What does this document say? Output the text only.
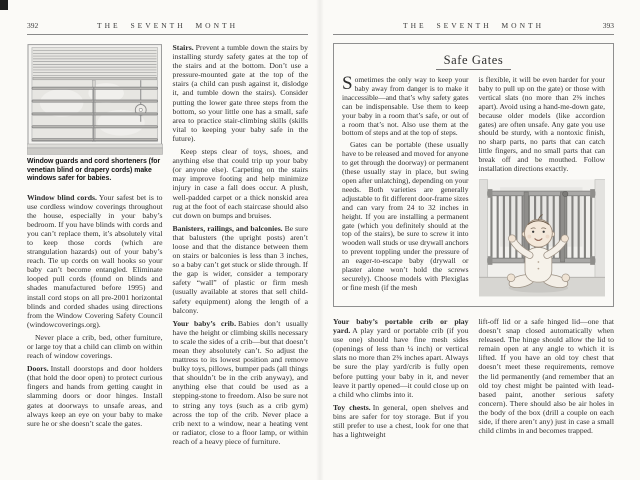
392	THE SEVENTH MONTH
Window guards and cord shorteners (for venetian blind or drapery cords) make windows safer for babies.

Window blind cords. Your safest bet is to use cordless window coverings throughout the house, especially in your baby’s bedroom. If you have blinds with cords and you can’t replace them, it’s absolutely vital to keep those cords (which are strangulation hazards) out of your baby’s reach. Tie up cords on wall hooks so your baby can’t become entangled. Eliminate looped pull cords (found on blinds and shades manufactured before 1995) and install cord stops on all pre-2001 horizontal blinds and corded shades using directions from the Window Covering Safety Council (windowcoverings.org).

Never place a crib, bed, other furniture, or large toy that a child can climb on within reach of window coverings.

Doors. Install doorstops and door holders (that hold the door open) to protect curious fingers and hands from getting caught in slamming doors or door hinges. Install gates at doorways to unsafe areas, and always keep an eye on your baby to make sure he or she doesn’t scale the gates.

Stairs. Prevent a tumble down the stairs by installing sturdy safety gates at the top of the stairs and at the bottom. Don’t use a pressure-mounted gate at the top of the stairs (a child can push against it, dislodge it, and tumble down the stairs). Consider putting the lower gate three steps from the bottom, so your little one has a small, safe area to practice stair-climbing skills (skills vital to keeping your baby safe in the future).

Keep steps clear of toys, shoes, and anything else that could trip up your baby (or anyone else). Carpeting on the stairs may improve footing and help minimize injury in case a fall does occur. A plush, well-padded carpet or a thick nonskid area rug at the foot of each staircase should also cut down on bumps and bruises.

Banisters, railings, and balconies. Be sure that balusters (the upright posts) aren’t loose and that the distance between them on stairs or balconies is less than 3 inches, so a baby can’t get stuck or slide through. If the gap is wider, consider a temporary safety “wall” of plastic or firm mesh (usually available at stores that sell child-safety equipment) along the length of a balcony.

Your baby’s crib. Babies don’t usually have the height or climbing skills necessary to scale the sides of a crib—but that doesn’t mean they absolutely can’t. So adjust the mattress to its lowest position and remove bulky toys, pillows, bumper pads (all things that shouldn’t be in the crib anyway), and anything else that could be used as a stepping-stone to freedom. Also be sure not to string any toys (such as a crib gym) across the top of the crib. Never place a crib next to a window, near a heating vent or radiator, close to a floor lamp, or within reach of a heavy piece of furniture.

THE SEVENTH MONTH	393
Safe Gates

Sometimes the only way to keep your baby away from danger is to make it inaccessible—and that’s why safety gates can be indispensable. Use them to keep your baby in a room that’s safe, or out of a room that’s not. Also use them at the bottom of steps and at the top of steps.

Gates can be portable (these usually have to be released and moved for anyone to get through the doorway) or permanent (these usually stay in place, but swing open after unlatching), depending on your needs. Both varieties are generally adjustable to fit different door-frame sizes and can vary from 24 to 32 inches in height. If you are installing a permanent gate (which you definitely should at the top of the stairs), be sure to screw it into wooden wall studs or use drywall anchors to prevent toppling under the pressure of an eager-to-escape baby (drywall or plaster alone won’t hold the screws securely). Choose models with Plexiglas or fine mesh (if the mesh

is flexible, it will be even harder for your baby to pull up on the gate) or those with vertical slats (no more than 2⅜ inches apart). Avoid using a hand-me-down gate, because older models (like accordion gates) are often unsafe. Any gate you use should be sturdy, with a nontoxic finish, no sharp parts, no parts that can catch little fingers, and no small parts that can break off and be mouthed. Follow installation directions exactly.

Your baby’s portable crib or play yard. A play yard or portable crib (if you use one) should have fine mesh sides (openings of less than ¼ inch) or vertical slats no more than 2⅜ inches apart. Always be sure the play yard/crib is fully open before putting your baby in it, and never leave it partly opened—it could close up on a child who climbs into it.

Toy chests. In general, open shelves and bins are safer for toy storage. But if you still prefer to use a chest, look for one that has a lightweight

lift-off lid or a safe hinged lid—one that doesn’t snap closed automatically when released. The hinge should allow the lid to remain open at any angle to which it is lifted. If you have an old toy chest that doesn’t meet these requirements, remove the lid permanently (and remember that an old toy chest might be painted with lead-based paint, another serious safety concern). There should also be air holes in the body of the box (drill a couple on each side, if there aren’t any) just in case a small child climbs in and becomes trapped.
